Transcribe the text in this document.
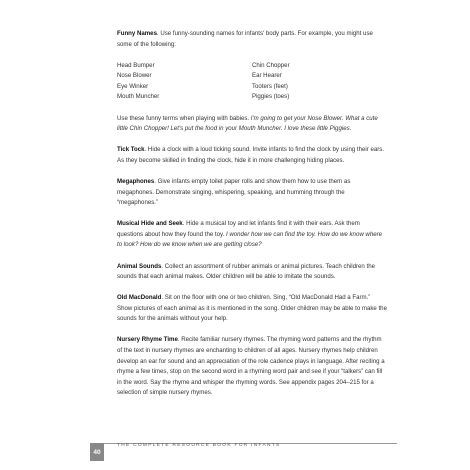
Funny Names. Use funny-sounding names for infants' body parts. For example, you might use some of the following:

Head Bumper
Nose Blower
Eye Winker
Mouth Muncher
Chin Chopper
Ear Hearer
Tooters (feet)
Piggies (toes)

Use these funny terms when playing with babies. I'm going to get your Nose Blower. What a cute little Chin Chopper! Let's put the food in your Mouth Muncher. I love these little Piggies.

Tick Tock. Hide a clock with a loud ticking sound. Invite infants to find the clock by using their ears. As they become skilled in finding the clock, hide it in more challenging hiding places.

Megaphones. Give infants empty toilet paper rolls and show them how to use them as megaphones. Demonstrate singing, whispering, speaking, and humming through the “megaphones.”

Musical Hide and Seek. Hide a musical toy and let infants find it with their ears. Ask them questions about how they found the toy. I wonder how we can find the toy. How do we know where to look? How do we know when we are getting close?

Animal Sounds. Collect an assortment of rubber animals or animal pictures. Teach children the sounds that each animal makes. Older children will be able to imitate the sounds.

Old MacDonald. Sit on the floor with one or two children. Sing, “Old MacDonald Had a Farm.” Show pictures of each animal as it is mentioned in the song. Older children may be able to make the sounds for the animals without your help.

Nursery Rhyme Time. Recite familiar nursery rhymes. The rhyming word patterns and the rhythm of the text in nursery rhymes are enchanting to children of all ages. Nursery rhymes help children develop an ear for sound and an appreciation of the role cadence plays in language. After reciting a rhyme a few times, stop on the second word in a rhyming word pair and see if your “talkers” can fill in the word. Say the rhyme and whisper the rhyming words. See appendix pages 204–215 for a selection of simple nursery rhymes.

THE COMPLETE RESOURCE BOOK FOR INFANTS
40
